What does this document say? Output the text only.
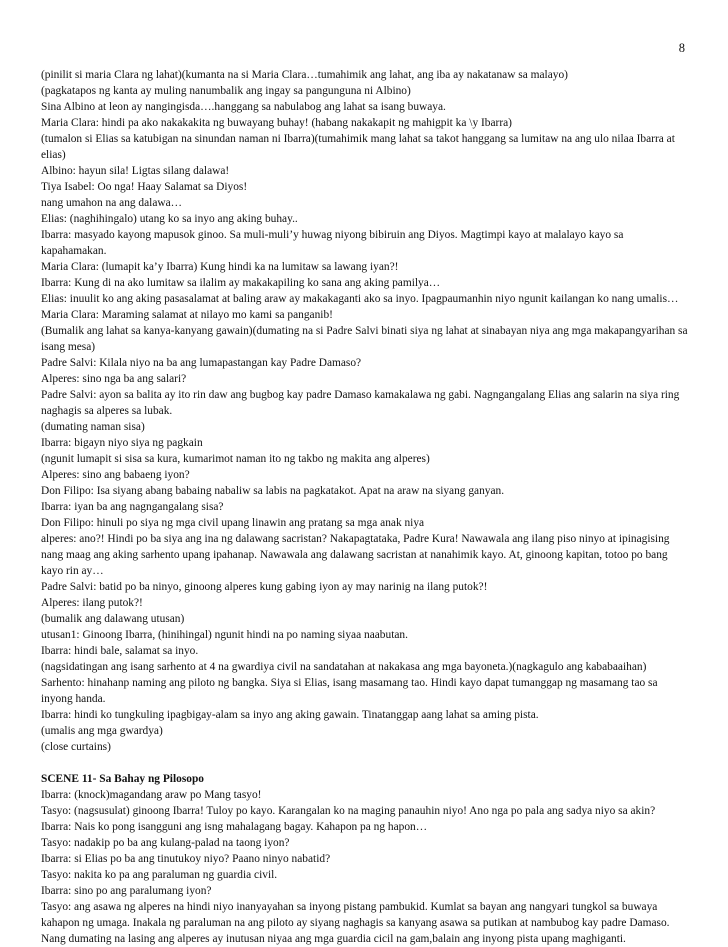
8

(pinilit si maria Clara ng lahat)(kumanta na si Maria Clara…tumahimik ang lahat, ang iba ay nakatanaw sa malayo)

(pagkatapos ng kanta ay muling nanumbalik ang ingay sa pangunguna ni Albino)

Sina Albino at leon ay nangingisda….hanggang sa nabulabog ang lahat sa isang buwaya.

Maria Clara: hindi pa ako nakakakita ng buwayang buhay! (habang nakakapit ng mahigpit ka \y Ibarra)

(tumalon si Elias sa katubigan na sinundan naman ni Ibarra)(tumahimik mang lahat sa takot hanggang sa lumitaw na ang ulo nilaa Ibarra at elias)

Albino: hayun sila! Ligtas silang dalawa!

Tiya Isabel: Oo nga! Haay Salamat sa Diyos!

nang umahon na ang dalawa…

Elias: (naghihingalo) utang ko sa inyo ang aking buhay..

Ibarra: masyado kayong mapusok ginoo. Sa muli-muli’y huwag niyong bibiruin ang Diyos. Magtimpi kayo at malalayo kayo sa kapahamakan.

Maria Clara: (lumapit ka’y Ibarra) Kung hindi ka na lumitaw sa lawang iyan?!

Ibarra: Kung di na ako lumitaw sa ilalim ay makakapiling ko sana ang aking pamilya…

Elias: inuulit ko ang aking pasasalamat at baling araw ay makakaganti ako sa inyo. Ipagpaumanhin niyo ngunit kailangan ko nang umalis…

Maria Clara: Maraming salamat at nilayo mo kami sa panganib!

(Bumalik ang lahat sa kanya-kanyang gawain)(dumating na si Padre Salvi binati siya ng lahat at sinabayan niya ang mga makapangyarihan sa isang mesa)

Padre Salvi: Kilala niyo na ba ang lumapastangan kay Padre Damaso?

Alperes: sino nga ba ang salari?

Padre Salvi: ayon sa balita ay ito rin daw ang bugbog kay padre Damaso kamakalawa ng gabi. Nagngangalang Elias ang salarin na siya ring naghagis sa alperes sa lubak.

(dumating naman sisa)

Ibarra: bigayn niyo siya ng pagkain

(ngunit lumapit si sisa sa kura, kumarimot naman ito ng takbo ng makita ang alperes)

Alperes: sino ang babaeng iyon?

Don Filipo: Isa siyang abang babaing nabaliw sa labis na pagkatakot. Apat na araw na siyang ganyan.

Ibarra: iyan ba ang nagngangalang sisa?

Don Filipo: hinuli po siya ng mga civil upang linawin ang pratang sa mga anak niya

alperes: ano?! Hindi po ba siya ang ina ng dalawang sacristan? Nakapagtataka, Padre Kura! Nawawala ang ilang piso ninyo at ipinagising nang maag ang aking sarhento upang ipahanap. Nawawala ang dalawang sacristan at nanahimik kayo. At, ginoong kapitan, totoo po bang kayo rin ay…

Padre Salvi: batid po ba ninyo, ginoong alperes kung gabing iyon ay may narinig na ilang putok?!

Alperes: ilang putok?!

(bumalik ang dalawang utusan)

utusan1: Ginoong Ibarra, (hinihingal) ngunit hindi na po naming siyaa naabutan.

Ibarra: hindi bale, salamat sa inyo.

(nagsidatingan ang isang sarhento at 4 na gwardiya civil na sandatahan at nakakasa ang mga bayoneta.)(nagkagulo ang kababaaihan)

Sarhento: hinahanp naming ang piloto ng bangka. Siya si Elias, isang masamang tao. Hindi kayo dapat tumanggap ng masamang tao sa inyong handa.

Ibarra: hindi ko tungkuling ipagbigay-alam sa inyo ang aking gawain. Tinatanggap aang lahat sa aming pista.

(umalis ang mga gwardya)

(close curtains)

SCENE 11- Sa Bahay ng Pilosopo

Ibarra: (knock)magandang araw po Mang tasyo!

Tasyo: (nagsusulat) ginoong Ibarra! Tuloy po kayo. Karangalan ko na maging panauhin niyo! Ano nga po pala ang sadya niyo sa akin?

Ibarra: Nais ko pong isangguni ang isng mahalagang bagay. Kahapon pa ng hapon…

Tasyo: nadakip po ba ang kulang-palad na taong iyon?

Ibarra: si Elias po ba ang tinutukoy niyo? Paano ninyo nabatid?

Tasyo: nakita ko pa ang paraluman ng guardia civil.

Ibarra: sino po ang paralumang iyon?

Tasyo: ang asawa ng alperes na hindi niyo inanyayahan sa inyong pistang pambukid. Kumlat sa bayan ang nangyari tungkol sa buwaya kahapon ng umaga. Inakala ng paraluman na ang piloto ay siyang naghagis sa kanyang asawa sa putikan at nambubog kay padre Damaso. Nang dumating na lasing ang alperes ay inutusan niyaa ang mga guardia cicil na gam,balain ang inyong pista upang maghiganti.
